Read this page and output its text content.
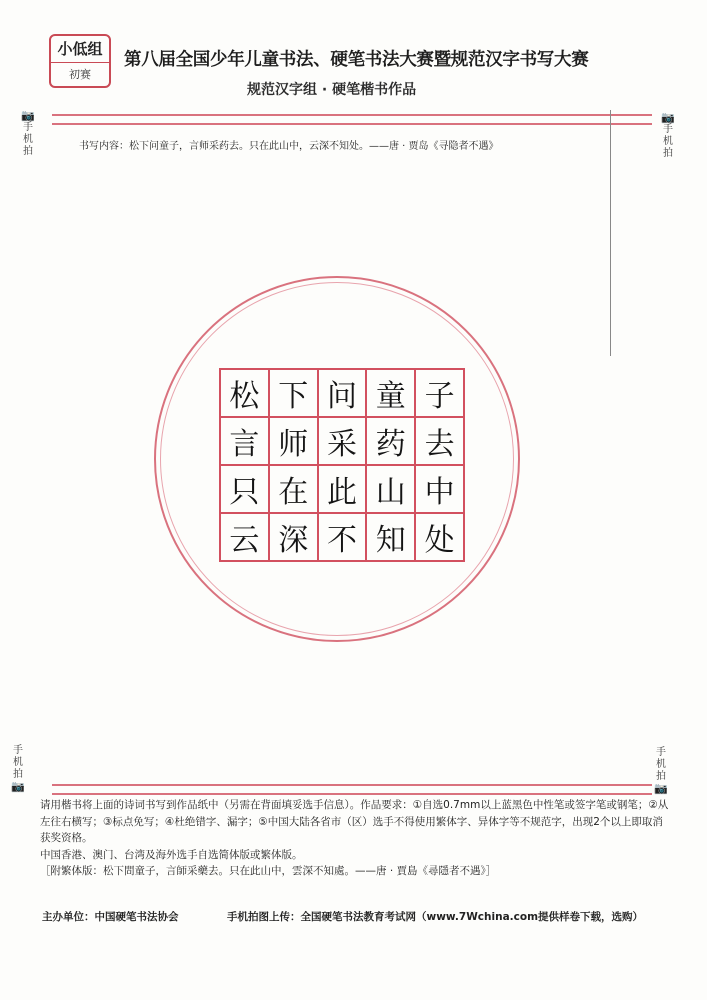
小低组
初赛
第八届全国少年儿童书法、硬笔书法大赛暨规范汉字书写大赛
规范汉字组 · 硬笔楷书作品
📷
手机拍
📷
手机拍
手机拍
📷
手机拍
📷
书写内容：松下问童子，言师采药去。只在此山中，云深不知处。——唐 · 贾岛《寻隐者不遇》
松 下 问 童 子
言 师 采 药 去
只 在 此 山 中
云 深 不 知 处

请用楷书将上面的诗词书写到作品纸中（另需在背面填妥选手信息）。作品要求：①自选0.7mm以上蓝黑色中性笔或签字笔或钢笔；②从左往右横写；③标点免写；④杜绝错字、漏字；⑤中国大陆各省市（区）选手不得使用繁体字、异体字等不规范字，出现2个以上即取消获奖资格。

中国香港、澳门、台湾及海外选手自选简体版或繁体版。

［附繁体版：松下問童子，言師采藥去。只在此山中，雲深不知處。——唐 · 賈島《尋隱者不遇》］

主办单位：中国硬笔书法协会	手机拍图上传：全国硬笔书法教育考试网（www.7Wchina.com提供样卷下载，选购）
